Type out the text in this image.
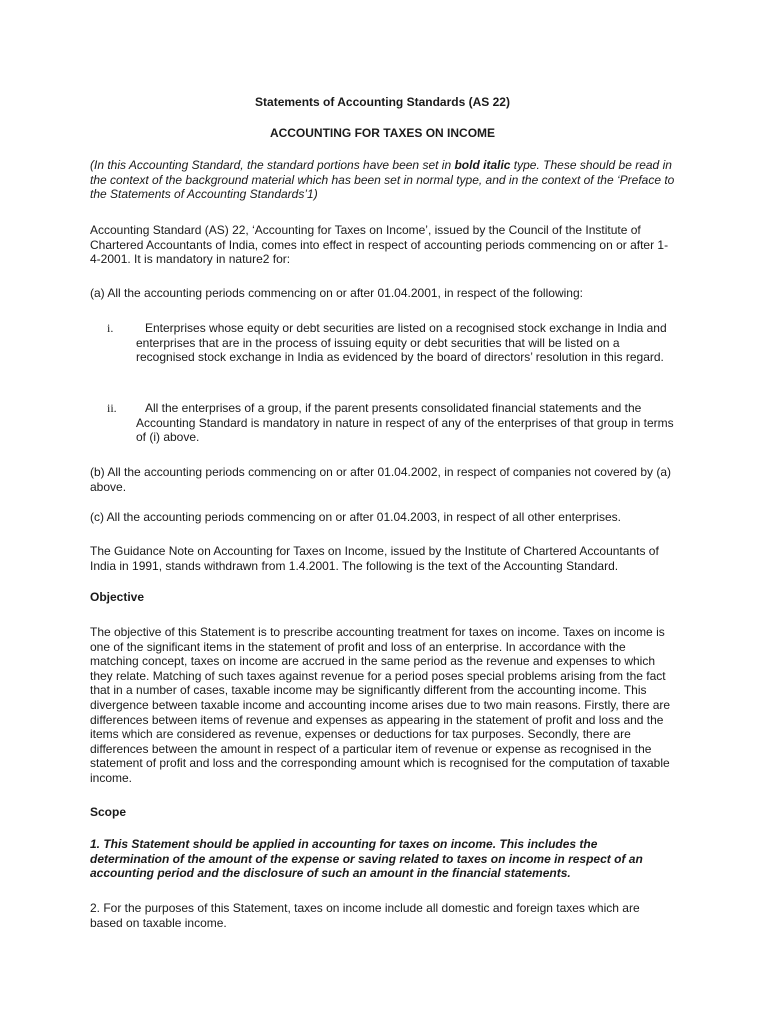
Statements of Accounting Standards (AS 22)

ACCOUNTING FOR TAXES ON INCOME

(In this Accounting Standard, the standard portions have been set in bold italic type. These should be read in the context of the background material which has been set in normal type, and in the context of the ‘Preface to the Statements of Accounting Standards’1)

Accounting Standard (AS) 22, ‘Accounting for Taxes on Income’, issued by the Council of the Institute of Chartered Accountants of India, comes into effect in respect of accounting periods commencing on or after 1-4-2001. It is mandatory in nature2 for:

(a) All the accounting periods commencing on or after 01.04.2001, in respect of the following:

i.	Enterprises whose equity or debt securities are listed on a recognised stock exchange in India and enterprises that are in the process of issuing equity or debt securities that will be listed on a recognised stock exchange in India as evidenced by the board of directors’ resolution in this regard.

ii.	All the enterprises of a group, if the parent presents consolidated financial statements and the Accounting Standard is mandatory in nature in respect of any of the enterprises of that group in terms of (i) above.

(b) All the accounting periods commencing on or after 01.04.2002, in respect of companies not covered by (a) above.

(c) All the accounting periods commencing on or after 01.04.2003, in respect of all other enterprises.

The Guidance Note on Accounting for Taxes on Income, issued by the Institute of Chartered Accountants of India in 1991, stands withdrawn from 1.4.2001. The following is the text of the Accounting Standard.

Objective

The objective of this Statement is to prescribe accounting treatment for taxes on income. Taxes on income is one of the significant items in the statement of profit and loss of an enterprise. In accordance with the matching concept, taxes on income are accrued in the same period as the revenue and expenses to which they relate. Matching of such taxes against revenue for a period poses special problems arising from the fact that in a number of cases, taxable income may be significantly different from the accounting income. This divergence between taxable income and accounting income arises due to two main reasons. Firstly, there are differences between items of revenue and expenses as appearing in the statement of profit and loss and the items which are considered as revenue, expenses or deductions for tax purposes. Secondly, there are differences between the amount in respect of a particular item of revenue or expense as recognised in the statement of profit and loss and the corresponding amount which is recognised for the computation of taxable income.

Scope

1. This Statement should be applied in accounting for taxes on income. This includes the determination of the amount of the expense or saving related to taxes on income in respect of an accounting period and the disclosure of such an amount in the financial statements.

2. For the purposes of this Statement, taxes on income include all domestic and foreign taxes which are based on taxable income.
